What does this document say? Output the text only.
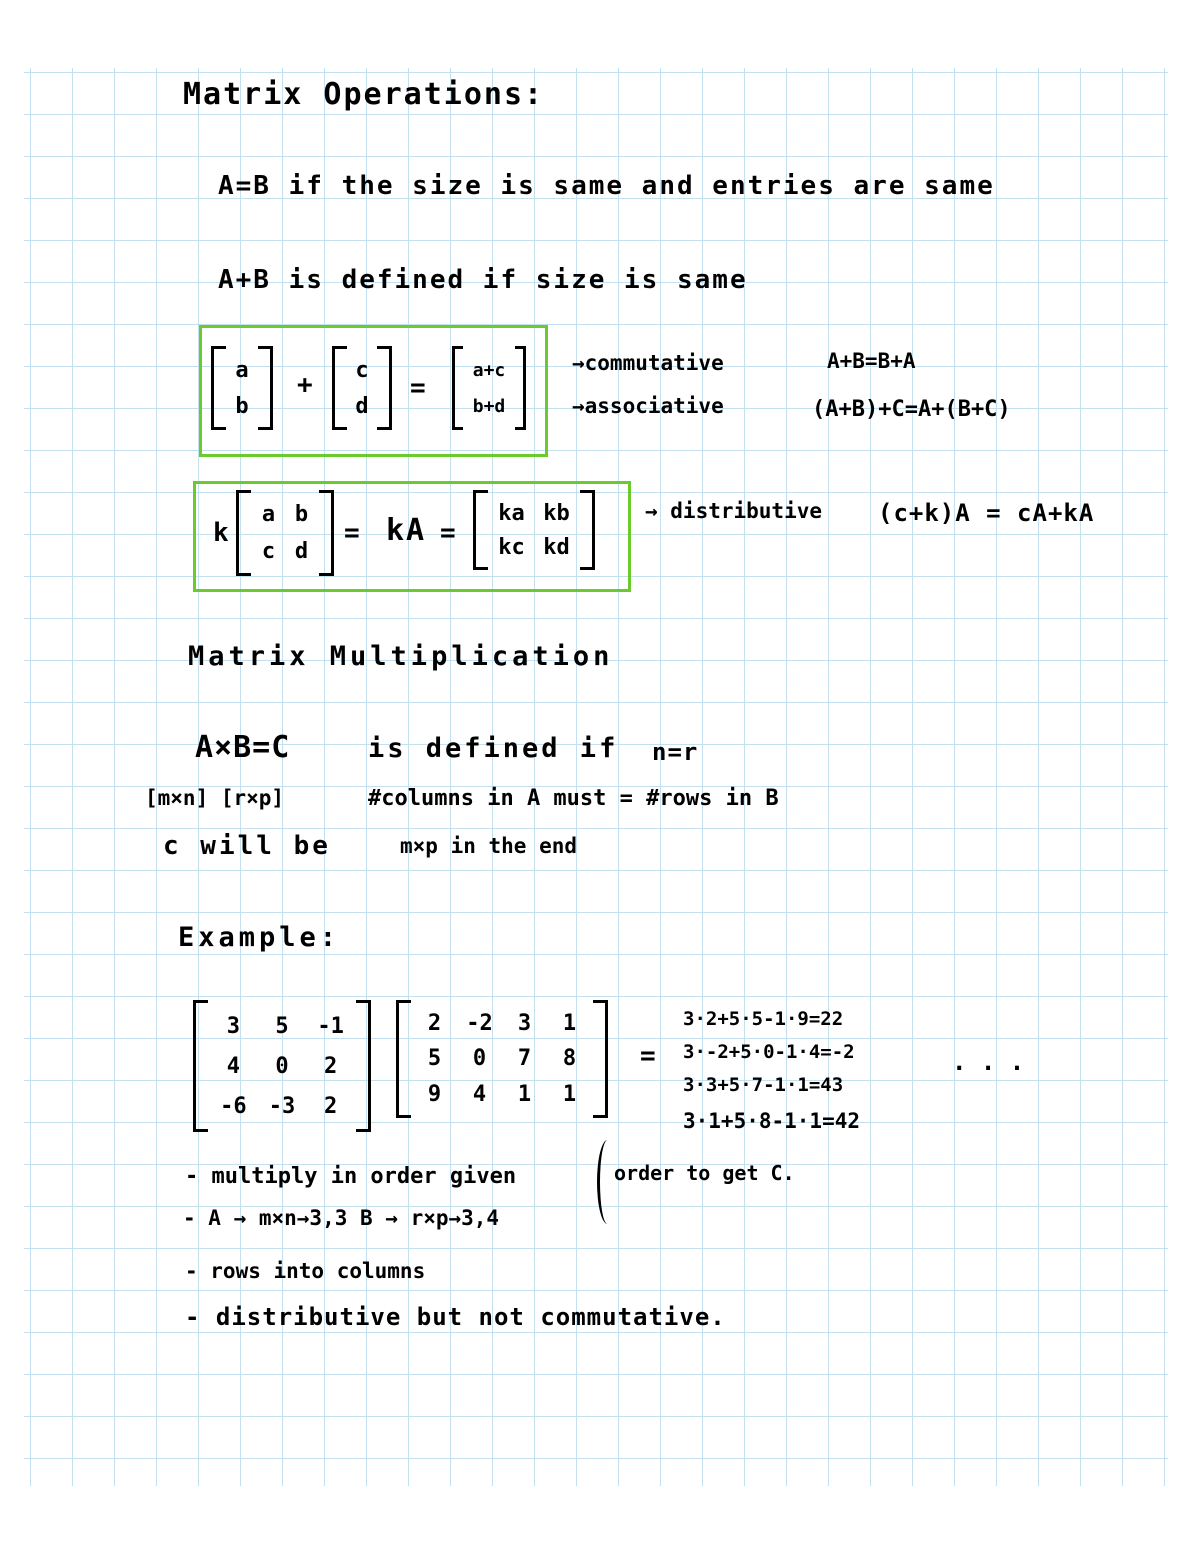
Matrix Operations:
A=B if the size is same and entries are same
A+B is defined if size is same
a
b
+ c
d
=
a+c
b+d
→commutative	A+B=B+A
→associative	(A+B)+C=A+(B+C)
k
a b
c d
= kA =
ka kb
kc kd
→ distributive (c+k)A = cA+kA
Matrix Multiplication
A×B=C	is defined if n=r
[m×n] [r×p]	#columns in A must = #rows in B
c will be	m×p in the end
Example:
3 5 -1
4 0 2
-6 -3 2
2 -2 3 1
5 0 7 8
9 4 1 1
=
3·2+5·5-1·9=22
3·-2+5·0-1·4=-2
3·3+5·7-1·1=43
3·1+5·8-1·1=42
. . .
- multiply in order given	order to get C.
- A → m×n→3,3 B → r×p→3,4
- rows into columns
- distributive but not commutative.
